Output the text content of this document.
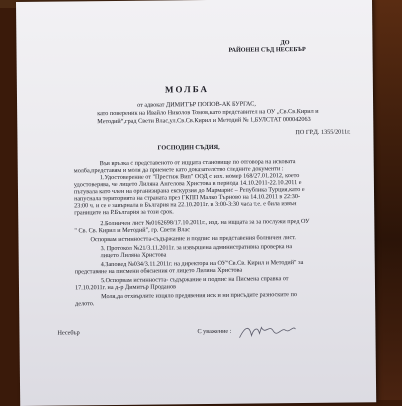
ДО
РАЙОНЕН СЪД НЕСЕБЪР
МОЛБА
от адвокат ДИМИТЪР ПОПОВ-АК БУРГАС,
като повереник на Ивайло Николов Томов,като представител на ОУ „Св.Св.Кирил и
Методий“,град Свети Влас,ул.Св.Св.Кирил и Методий № 1,БУЛСТАТ 000042063
ПО ГР.Д. 1355/2011г.
ГОСПОДИН СЪДИЯ,
Във връзка с представеното от ищцата становище по отговора на исковата
молба,представям и моля да приемете като доказателство следните документи :
1.Удостоверение от "Престиж Вип" ООД с изх. номер 168/27.01.2012, което
удостоверява, че лицето Лиляна Ангелова Христова в периода 14.10.2011-22.10.2011 е
пътувала като член на организирана екскурзия до Мармарис – Република Турция,като е
напуснала територията на страната през ГКПП Малко Търново на 14.10.2011 в 22:30-
23:00 ч. и се е завърнала в България на 22.10.2011г. в 3:00-3:30 часа т.е. е била извън
границите на Р.България за този срок.
2.Болничен лист №0162698/17.10.2011г., изд. на ищцата за за послужи пред ОУ
" Св. Св. Кирил и Методий", гр. Свети Влас
Оспорвам истинността-съдържание и подпис на представения болничен лист.
3. Протокол №21/3.11.2011г. за извършена административна проверка на
лицето Лиляна Христова
4.Заповед №034/3.11.2011г. на директора на ОУ"Св.Св. Кирил и Методий" за
представяне на писмени обяснения от лицето Лиляна Христова
5.Оспорвам истинността- съдържание и подпис на Писмена справка от
17.10.2011г. на д-р Димитър Проданов
Моля,да отхвърлите изцяло предявения иск и ни присъдите разноските по
делото.
Несебър	С уважение :
